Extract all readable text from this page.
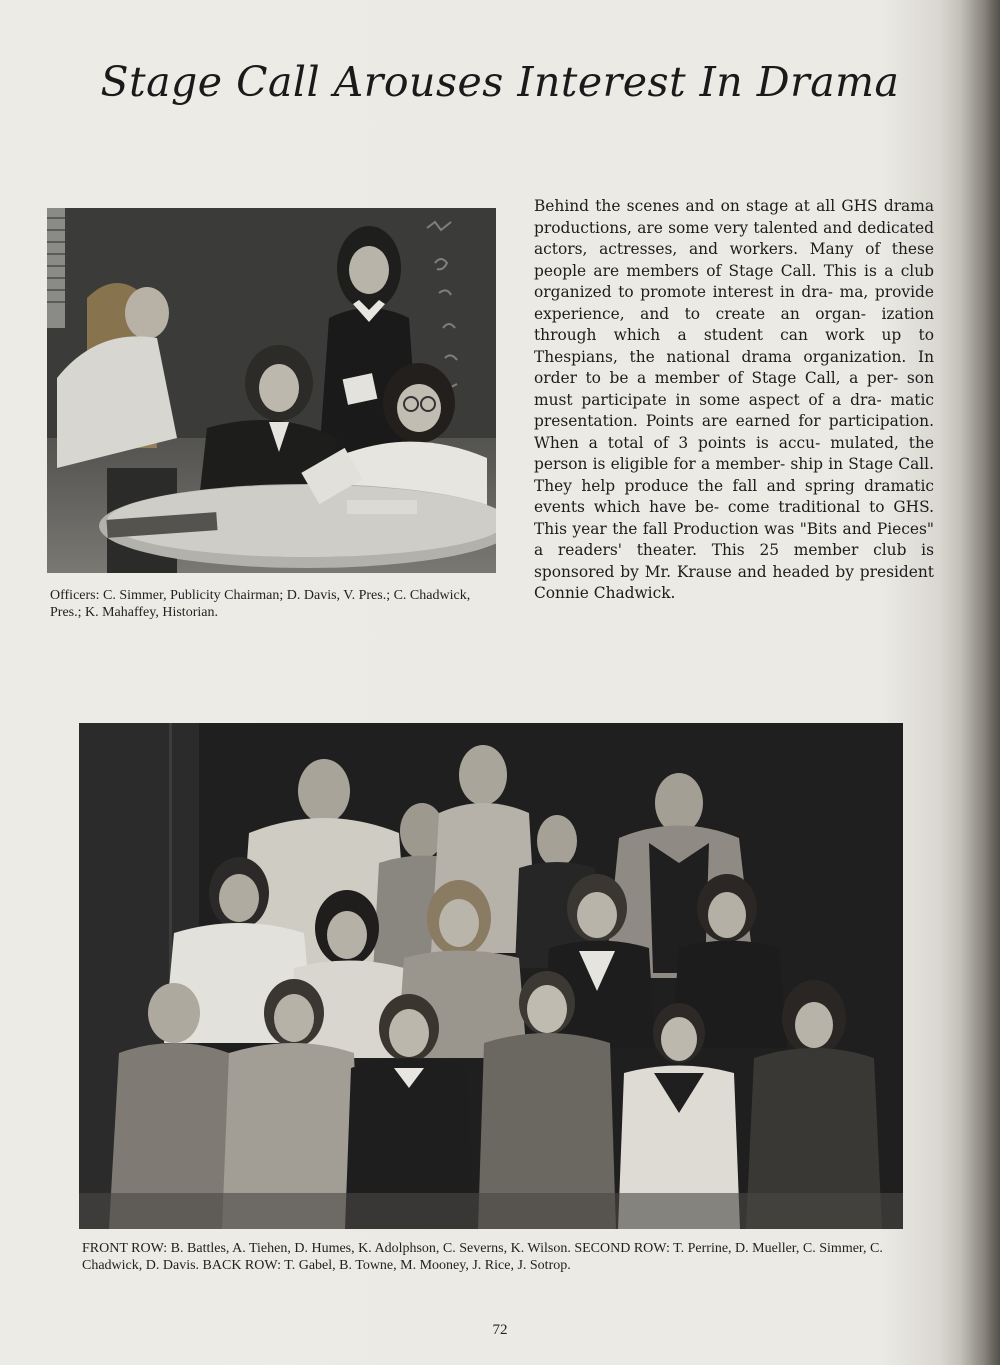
Stage Call Arouses Interest In Drama
Officers: C. Simmer, Publicity Chairman; D. Davis, V. Pres.; C. Chadwick, Pres.; K. Mahaffey, Historian.
Behind the scenes and on stage at all GHS drama productions, are some very talented and dedicated actors, actresses, and workers. Many of these people are members of Stage Call. This is a club organized to promote interest in dra- ma, provide experience, and to create an organ- ization through which a student can work up to Thespians, the national drama organization. In order to be a member of Stage Call, a per- son must participate in some aspect of a dra- matic presentation. Points are earned for participation. When a total of 3 points is accu- mulated, the person is eligible for a member- ship in Stage Call. They help produce the fall and spring dramatic events which have be- come traditional to GHS. This year the fall Production was "Bits and Pieces" a readers' theater. This 25 member club is sponsored by Mr. Krause and headed by president Connie Chadwick.
FRONT ROW: B. Battles, A. Tiehen, D. Humes, K. Adolphson, C. Severns, K. Wilson. SECOND ROW: T. Perrine, D. Mueller, C. Simmer, C. Chadwick, D. Davis. BACK ROW: T. Gabel, B. Towne, M. Mooney, J. Rice, J. Sotrop.
72
